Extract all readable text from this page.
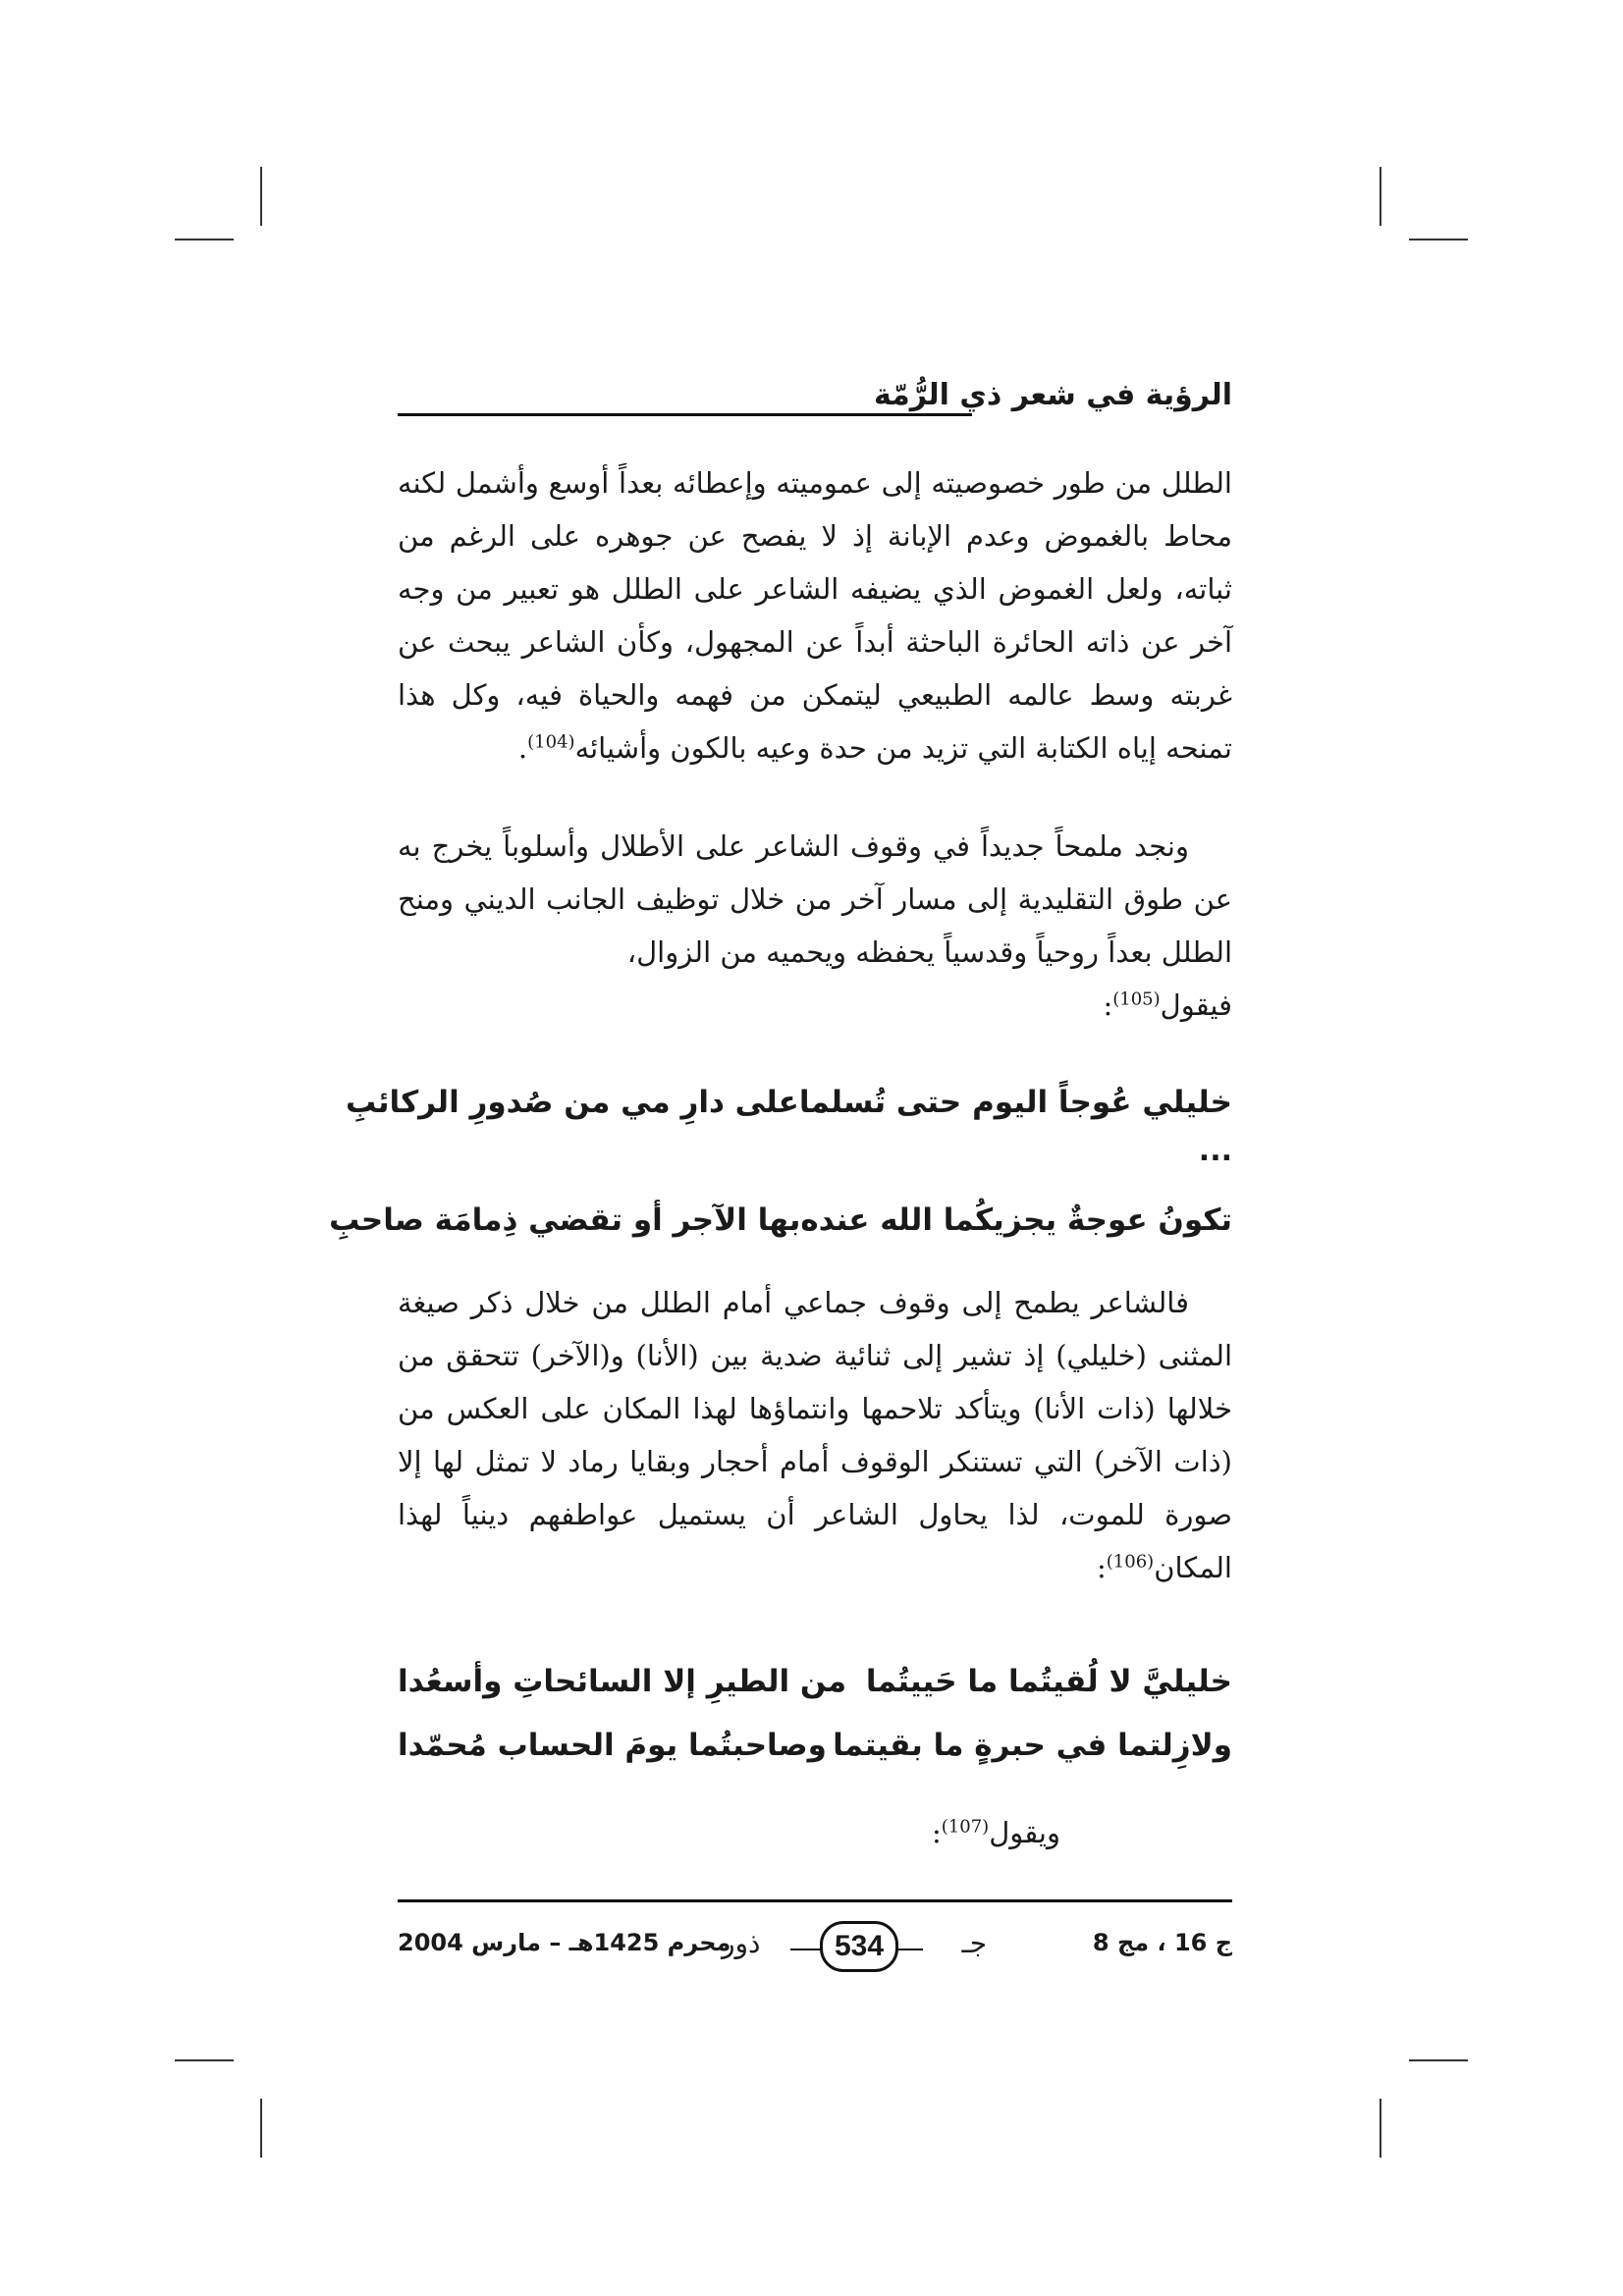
الرؤية في شعر ذي الرُّمّة

الطلل من طور خصوصيته إلى عموميته وإعطائه بعداً أوسع وأشمل لكنه محاط بالغموض وعدم الإبانة إذ لا يفصح عن جوهره على الرغم من ثباته، ولعل الغموض الذي يضيفه الشاعر على الطلل هو تعبير من وجه آخر عن ذاته الحائرة الباحثة أبداً عن المجهول، وكأن الشاعر يبحث عن غربته وسط عالمه الطبيعي ليتمكن من فهمه والحياة فيه، وكل هذا تمنحه إياه الكتابة التي تزيد من حدة وعيه بالكون وأشيائه$^{(104)}$.

ونجد ملمحاً جديداً في وقوف الشاعر على الأطلال وأسلوباً يخرج به عن طوق التقليدية إلى مسار آخر من خلال توظيف الجانب الديني ومنح الطلل بعداً روحياً وقدسياً يحفظه ويحميه من الزوال،

فيقول$^{(105)}$:

خليلي عُوجاً اليوم حتى تُسلما
على دارِ مي من صُدورِ الركائبِ
...
تكونُ عوجةٌ يجزيكُما الله عنده
بها الآجر أو تقضي ذِمامَة صاحبِ

فالشاعر يطمح إلى وقوف جماعي أمام الطلل من خلال ذكر صيغة المثنى (خليلي) إذ تشير إلى ثنائية ضدية بين (الأنا) و(الآخر) تتحقق من خلالها (ذات الأنا) ويتأكد تلاحمها وانتماؤها لهذا المكان على العكس من (ذات الآخر) التي تستنكر الوقوف أمام أحجار وبقايا رماد لا تمثل لها إلا صورة للموت، لذا يحاول الشاعر أن يستميل عواطفهم دينياً لهذا المكان$^{(106)}$:

خليليَّ لا لُقيتُما ما حَييتُما
من الطيرِ إلا السائحاتِ وأسعُدا
ولازِلتما في حبرةٍ ما بقيتما
وصاحبتُما يومَ الحساب مُحمّدا

ويقول$^{(107)}$:

ج 16 ، مج 8
جـ
534
ذور
محرم 1425هـ – مارس 2004
